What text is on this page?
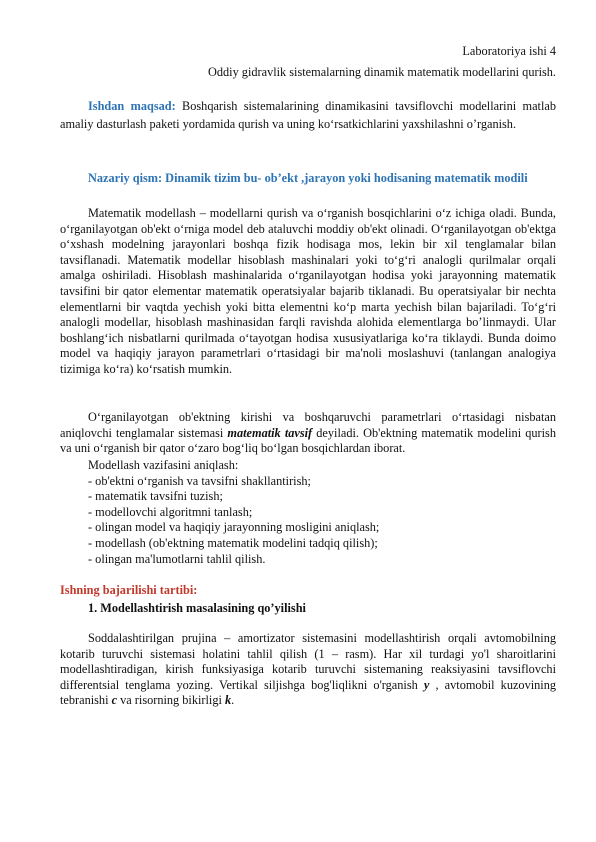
Laboratoriya ishi 4
Oddiy gidravlik sistemalarning dinamik matematik modellarini qurish.
Ishdan maqsad: Boshqarish sistemalarining dinamikasini tavsiflovchi modellarini matlab amaliy dasturlash paketi yordamida qurish va uning koʻrsatkichlarini yaxshilashni o’rganish.
Nazariy qism: Dinamik tizim bu- ob’ekt ,jarayon yoki hodisaning matematik modili
Matematik modellash – modellarni qurish va oʻrganish bosqichlarini oʻz ichiga oladi. Bunda, oʻrganilayotgan ob'ekt oʻrniga model deb ataluvchi moddiy ob'ekt olinadi. Oʻrganilayotgan ob'ektga oʻxshash modelning jarayonlari boshqa fizik hodisaga mos, lekin bir xil tenglamalar bilan tavsiflanadi. Matematik modellar hisoblash mashinalari yoki toʻgʻri analogli qurilmalar orqali amalga oshiriladi. Hisoblash mashinalarida oʻrganilayotgan hodisa yoki jarayonning matematik tavsifini bir qator elementar matematik operatsiyalar bajarib tiklanadi. Bu operatsiyalar bir nechta elementlarni bir vaqtda yechish yoki bitta elementni koʻp marta yechish bilan bajariladi. Toʻgʻri analogli modellar, hisoblash mashinasidan farqli ravishda alohida elementlarga bo’linmaydi. Ular boshlangʻich nisbatlarni qurilmada oʻtayotgan hodisa xususiyatlariga koʻra tiklaydi. Bunda doimo model va haqiqiy jarayon parametrlari oʻrtasidagi bir ma'noli moslashuvi (tanlangan analogiya tizimiga koʻra) koʻrsatish mumkin.
Oʻrganilayotgan ob'ektning kirishi va boshqaruvchi parametrlari oʻrtasidagi nisbatan aniqlovchi tenglamalar sistemasi matematik tavsif deyiladi. Ob'ektning matematik modelini qurish va uni oʻrganish bir qator oʻzaro bogʻliq boʻlgan bosqichlardan iborat.

Modellash vazifasini aniqlash:

- ob'ektni oʻrganish va tavsifni shakllantirish;

- matematik tavsifni tuzish;

- modellovchi algoritmni tanlash;

- olingan model va haqiqiy jarayonning mosligini aniqlash;

- modellash (ob'ektning matematik modelini tadqiq qilish);

- olingan ma'lumotlarni tahlil qilish.

Ishning bajarilishi tartibi:
1. Modellashtirish masalasining qo’yilishi
Soddalashtirilgan prujina – amortizator sistemasini modellashtirish orqali avtomobilning kotarib turuvchi sistemasi holatini tahlil qilish (1 – rasm). Har xil turdagi yo'l sharoitlarini modellashtiradigan, kirish funksiyasiga kotarib turuvchi sistemaning reaksiyasini tavsiflovchi differentsial tenglama yozing. Vertikal siljishga bog'liqlikni o'rganish y , avtomobil kuzovining tebranishi c va risorning bikirligi k.
